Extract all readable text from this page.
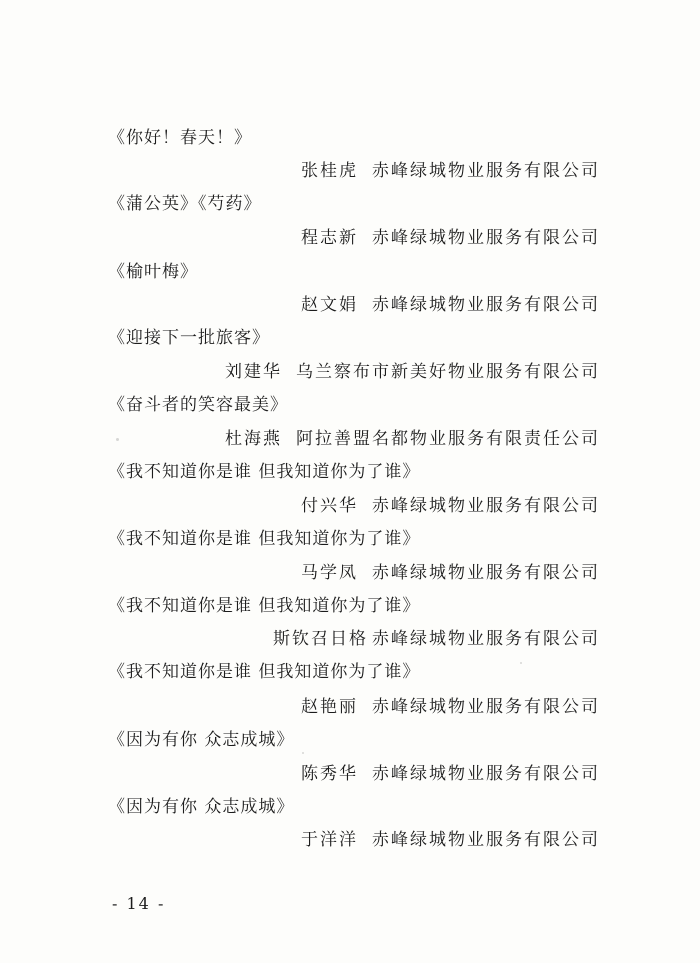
《你好！春天！》
张桂虎 赤峰绿城物业服务有限公司
《蒲公英》《芍药》
程志新 赤峰绿城物业服务有限公司
《榆叶梅》
赵文娟 赤峰绿城物业服务有限公司
《迎接下一批旅客》
刘建华 乌兰察布市新美好物业服务有限公司
《奋斗者的笑容最美》
杜海燕 阿拉善盟名都物业服务有限责任公司
《我不知道你是谁 但我知道你为了谁》
付兴华 赤峰绿城物业服务有限公司
《我不知道你是谁 但我知道你为了谁》
马学凤 赤峰绿城物业服务有限公司
《我不知道你是谁 但我知道你为了谁》
斯钦召日格 赤峰绿城物业服务有限公司
《我不知道你是谁 但我知道你为了谁》
赵艳丽 赤峰绿城物业服务有限公司
《因为有你 众志成城》
陈秀华 赤峰绿城物业服务有限公司
《因为有你 众志成城》
于洋洋 赤峰绿城物业服务有限公司
- 14 -
